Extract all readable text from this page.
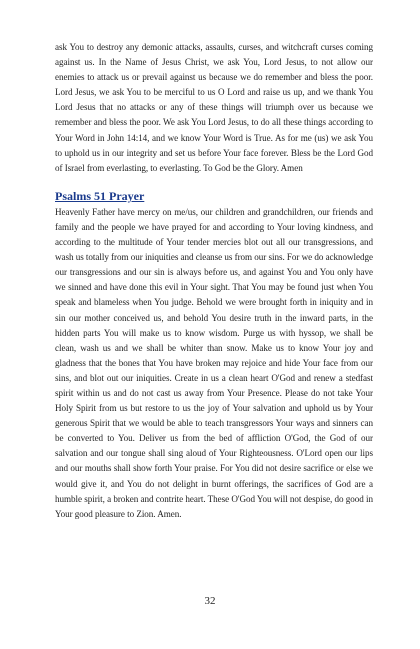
ask You to destroy any demonic attacks, assaults, curses, and witchcraft curses coming against us. In the Name of Jesus Christ, we ask You, Lord Jesus, to not allow our enemies to attack us or prevail against us because we do remember and bless the poor. Lord Jesus, we ask You to be merciful to us O Lord and raise us up, and we thank You Lord Jesus that no attacks or any of these things will triumph over us because we remember and bless the poor. We ask You Lord Jesus, to do all these things according to Your Word in John 14:14, and we know Your Word is True. As for me (us) we ask You to uphold us in our integrity and set us before Your face forever. Bless be the Lord God of Israel from everlasting, to everlasting. To God be the Glory. Amen

Psalms 51 Prayer

Heavenly Father have mercy on me/us, our children and grandchildren, our friends and family and the people we have prayed for and according to Your loving kindness, and according to the multitude of Your tender mercies blot out all our transgressions, and wash us totally from our iniquities and cleanse us from our sins. For we do acknowledge our transgressions and our sin is always before us, and against You and You only have we sinned and have done this evil in Your sight. That You may be found just when You speak and blameless when You judge. Behold we were brought forth in iniquity and in sin our mother conceived us, and behold You desire truth in the inward parts, in the hidden parts You will make us to know wisdom. Purge us with hyssop, we shall be clean, wash us and we shall be whiter than snow. Make us to know Your joy and gladness that the bones that You have broken may rejoice and hide Your face from our sins, and blot out our iniquities. Create in us a clean heart O'God and renew a stedfast spirit within us and do not cast us away from Your Presence. Please do not take Your Holy Spirit from us but restore to us the joy of Your salvation and uphold us by Your generous Spirit that we would be able to teach transgressors Your ways and sinners can be converted to You. Deliver us from the bed of affliction O'God, the God of our salvation and our tongue shall sing aloud of Your Righteousness. O'Lord open our lips and our mouths shall show forth Your praise. For You did not desire sacrifice or else we would give it, and You do not delight in burnt offerings, the sacrifices of God are a humble spirit, a broken and contrite heart. These O'God You will not despise, do good in Your good pleasure to Zion. Amen.

32
